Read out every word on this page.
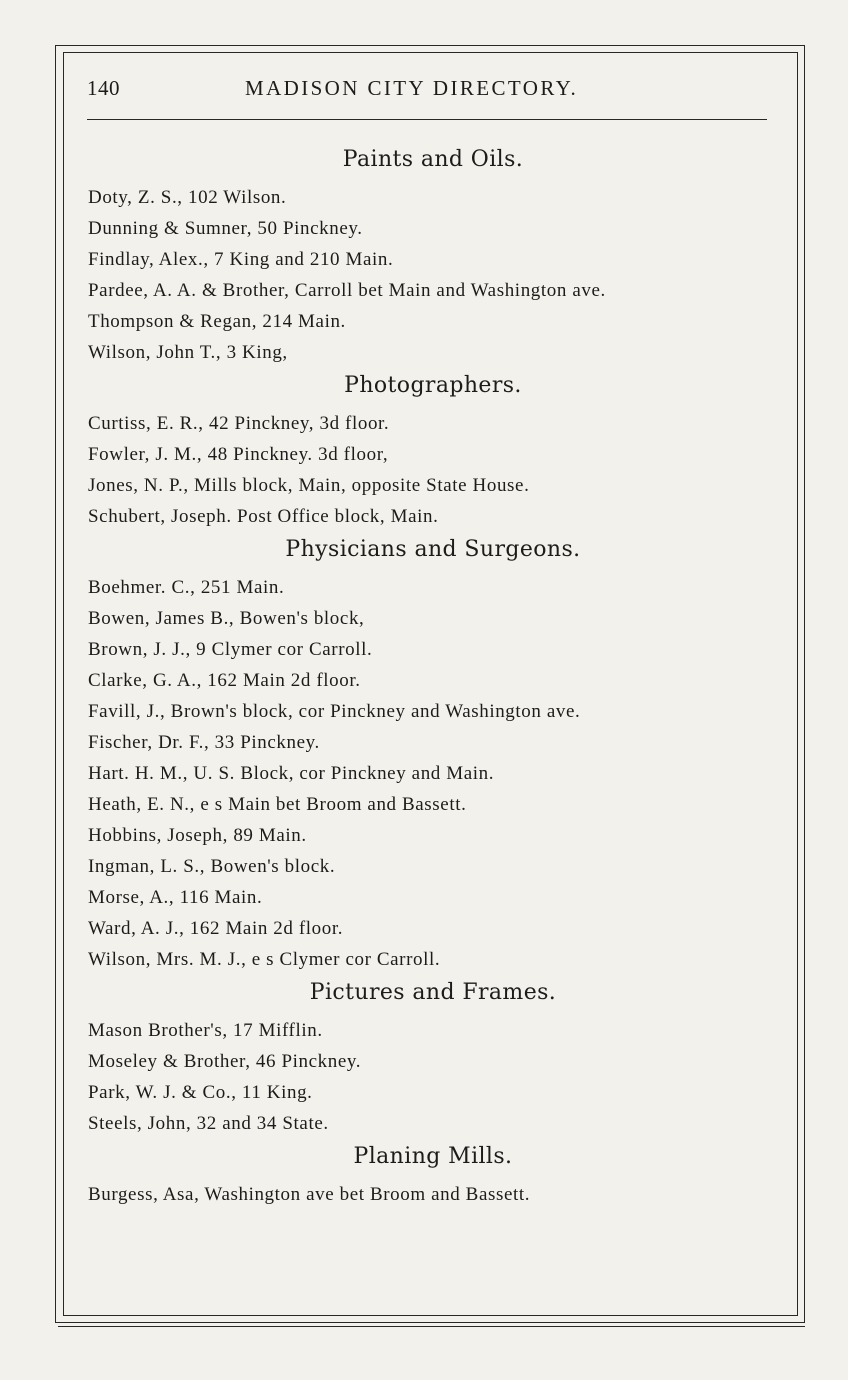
140	MADISON CITY DIRECTORY.
Paints and Oils.
Doty, Z. S., 102 Wilson.
Dunning & Sumner, 50 Pinckney.
Findlay, Alex., 7 King and 210 Main.
Pardee, A. A. & Brother, Carroll bet Main and Washington ave.
Thompson & Regan, 214 Main.
Wilson, John T., 3 King,
Photographers.
Curtiss, E. R., 42 Pinckney, 3d floor.
Fowler, J. M., 48 Pinckney. 3d floor,
Jones, N. P., Mills block, Main, opposite State House.
Schubert, Joseph. Post Office block, Main.
Physicians and Surgeons.
Boehmer. C., 251 Main.
Bowen, James B., Bowen's block,
Brown, J. J., 9 Clymer cor Carroll.
Clarke, G. A., 162 Main 2d floor.
Favill, J., Brown's block, cor Pinckney and Washington ave.
Fischer, Dr. F., 33 Pinckney.
Hart. H. M., U. S. Block, cor Pinckney and Main.
Heath, E. N., e s Main bet Broom and Bassett.
Hobbins, Joseph, 89 Main.
Ingman, L. S., Bowen's block.
Morse, A., 116 Main.
Ward, A. J., 162 Main 2d floor.
Wilson, Mrs. M. J., e s Clymer cor Carroll.
Pictures and Frames.
Mason Brother's, 17 Mifflin.
Moseley & Brother, 46 Pinckney.
Park, W. J. & Co., 11 King.
Steels, John, 32 and 34 State.
Planing Mills.
Burgess, Asa, Washington ave bet Broom and Bassett.
